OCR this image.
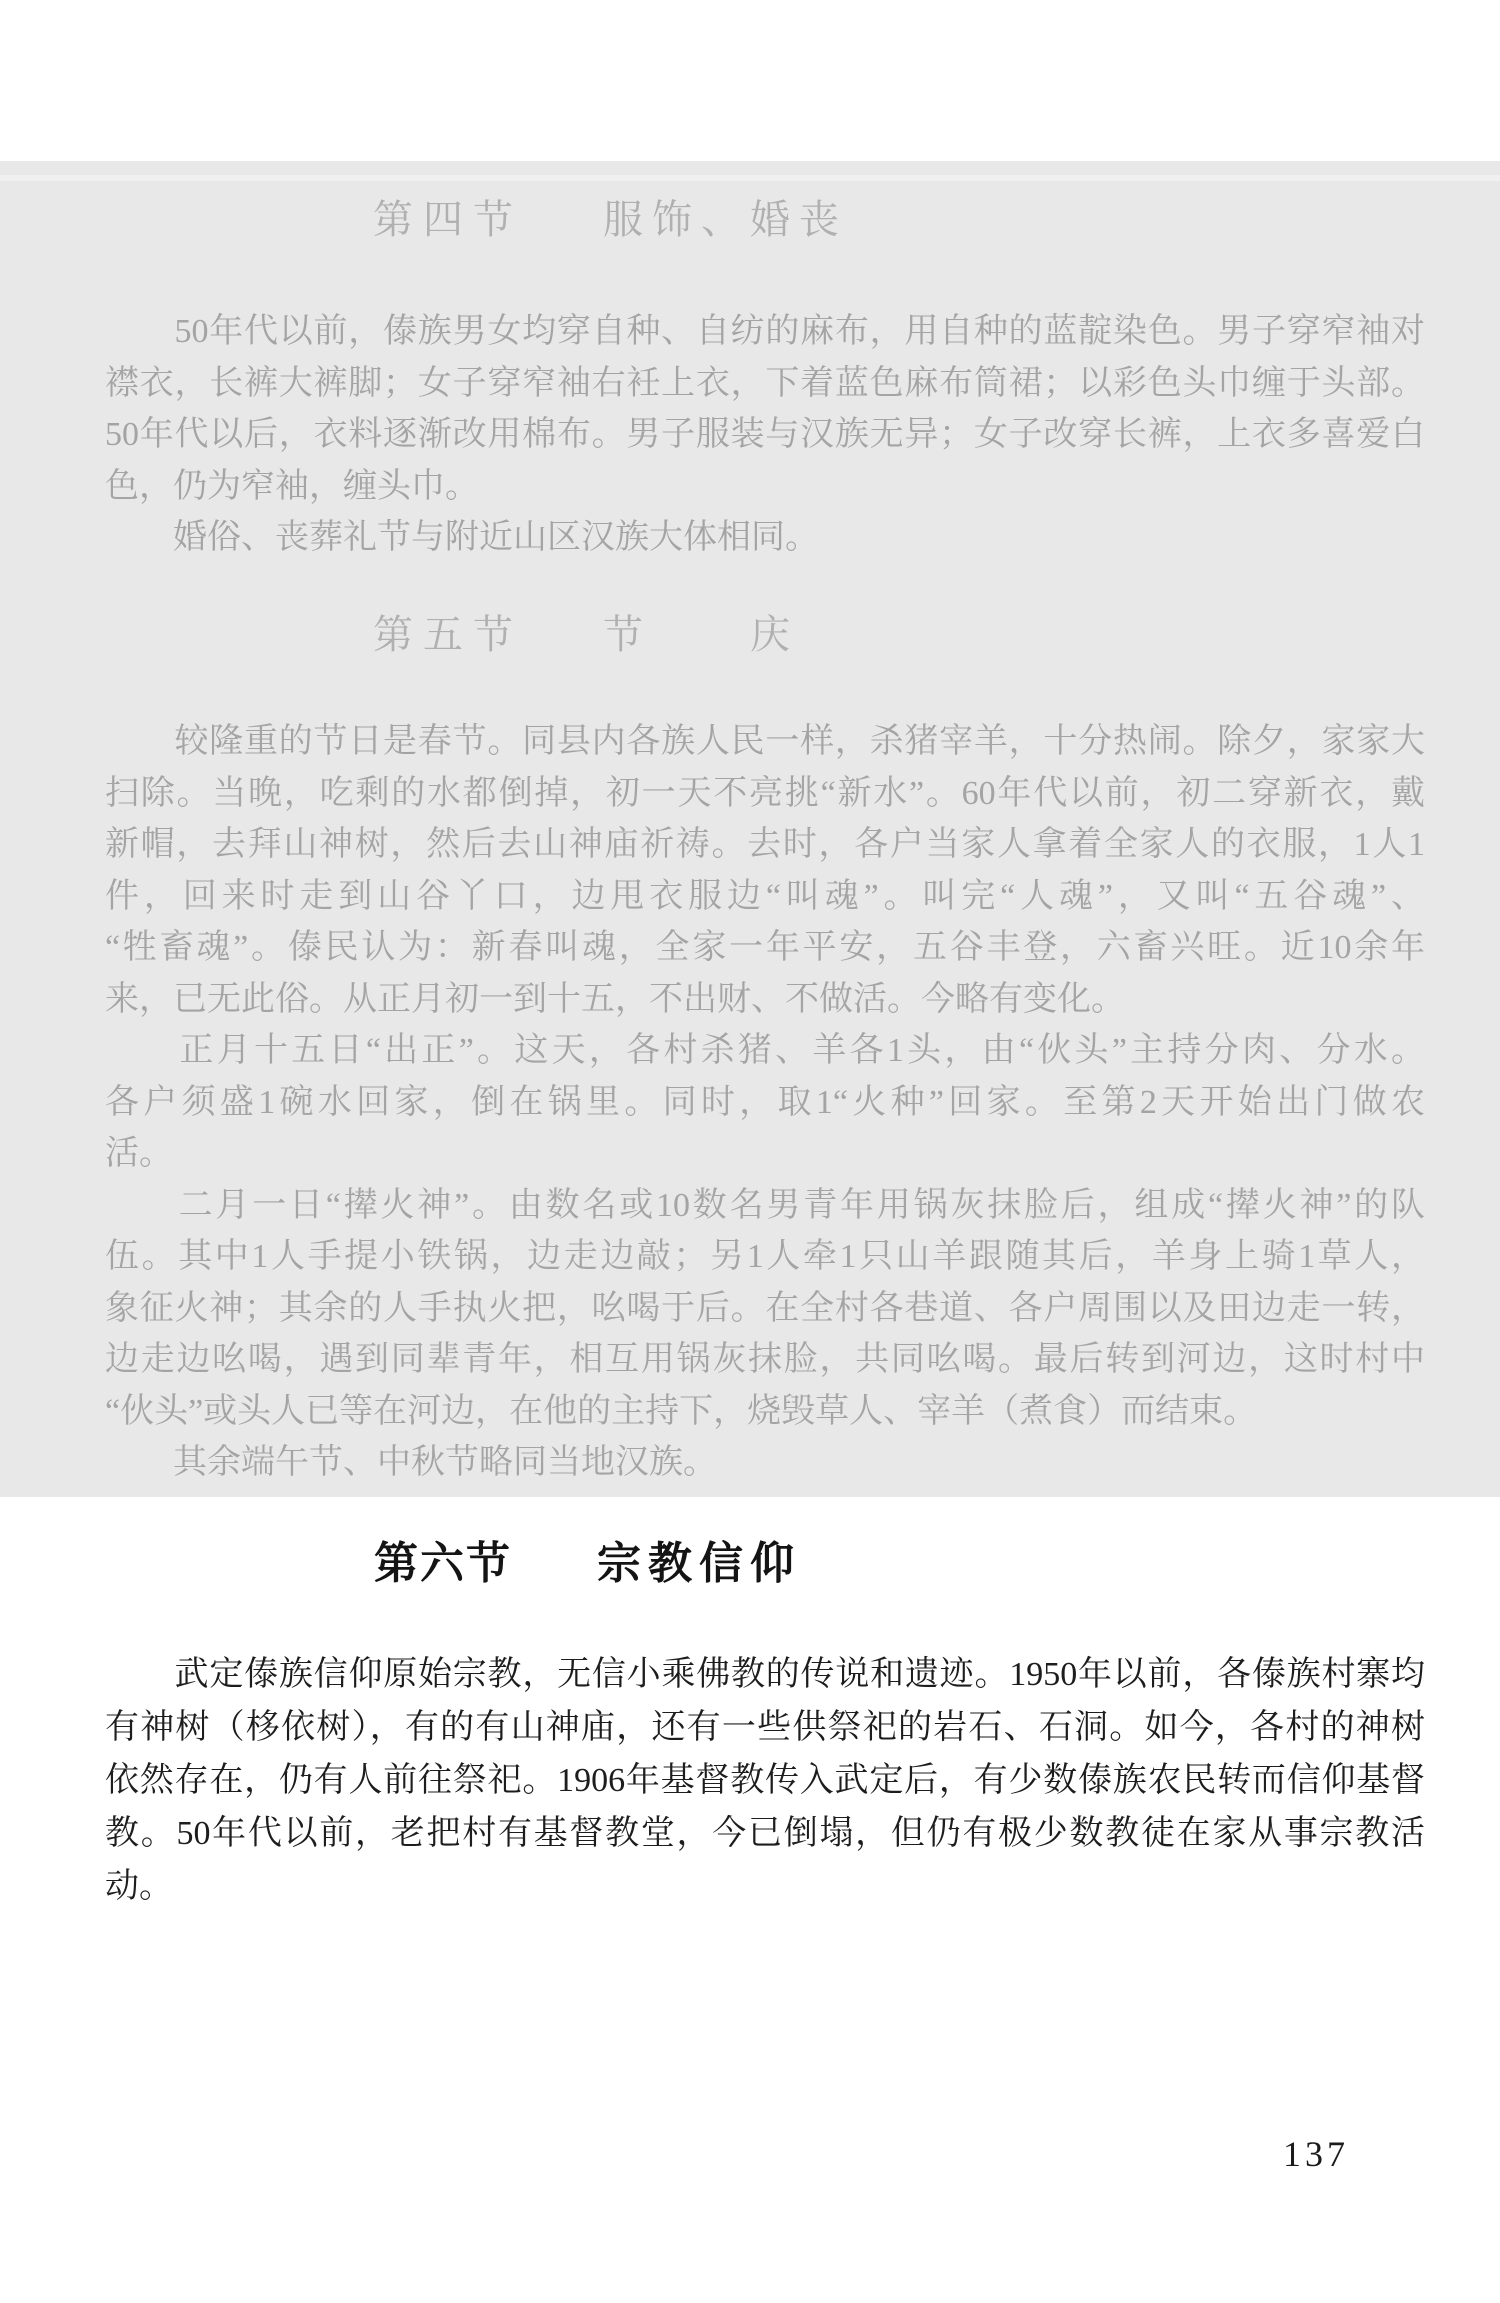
第四节 服饰、婚丧
　　50年代以前，傣族男女均穿自种、自纺的麻布，用自种的蓝靛染色。男子穿窄袖对
襟衣，长裤大裤脚；女子穿窄袖右衽上衣，下着蓝色麻布筒裙；以彩色头巾缠于头部。
50年代以后，衣料逐渐改用棉布。男子服装与汉族无异；女子改穿长裤，上衣多喜爱白
色，仍为窄袖，缠头巾。
　　婚俗、丧葬礼节与附近山区汉族大体相同。
第五节 节　　庆
　　较隆重的节日是春节。同县内各族人民一样，杀猪宰羊，十分热闹。除夕，家家大
扫除。当晚，吃剩的水都倒掉，初一天不亮挑“新水”。60年代以前，初二穿新衣，戴
新帽，去拜山神树，然后去山神庙祈祷。去时，各户当家人拿着全家人的衣服，1人1
件，回来时走到山谷丫口，边甩衣服边“叫魂”。叫完“人魂”，又叫“五谷魂”、
“牲畜魂”。傣民认为：新春叫魂，全家一年平安，五谷丰登，六畜兴旺。近10余年
来，已无此俗。从正月初一到十五，不出财、不做活。今略有变化。
　　正月十五日“出正”。这天，各村杀猪、羊各1头，由“伙头”主持分肉、分水。
各户须盛1碗水回家，倒在锅里。同时，取1“火种”回家。至第2天开始出门做农
活。
　　二月一日“撵火神”。由数名或10数名男青年用锅灰抹脸后，组成“撵火神”的队
伍。其中1人手提小铁锅，边走边敲；另1人牵1只山羊跟随其后，羊身上骑1草人，
象征火神；其余的人手执火把，吆喝于后。在全村各巷道、各户周围以及田边走一转，
边走边吆喝，遇到同辈青年，相互用锅灰抹脸，共同吆喝。最后转到河边，这时村中
“伙头”或头人已等在河边，在他的主持下，烧毁草人、宰羊（煮食）而结束。
　　其余端午节、中秋节略同当地汉族。
第六节 宗教信仰
　　武定傣族信仰原始宗教，无信小乘佛教的传说和遗迹。1950年以前，各傣族村寨均
有神树（栘依树），有的有山神庙，还有一些供祭祀的岩石、石洞。如今，各村的神树
依然存在，仍有人前往祭祀。1906年基督教传入武定后，有少数傣族农民转而信仰基督
教。50年代以前，老把村有基督教堂，今已倒塌，但仍有极少数教徒在家从事宗教活
动。
137
